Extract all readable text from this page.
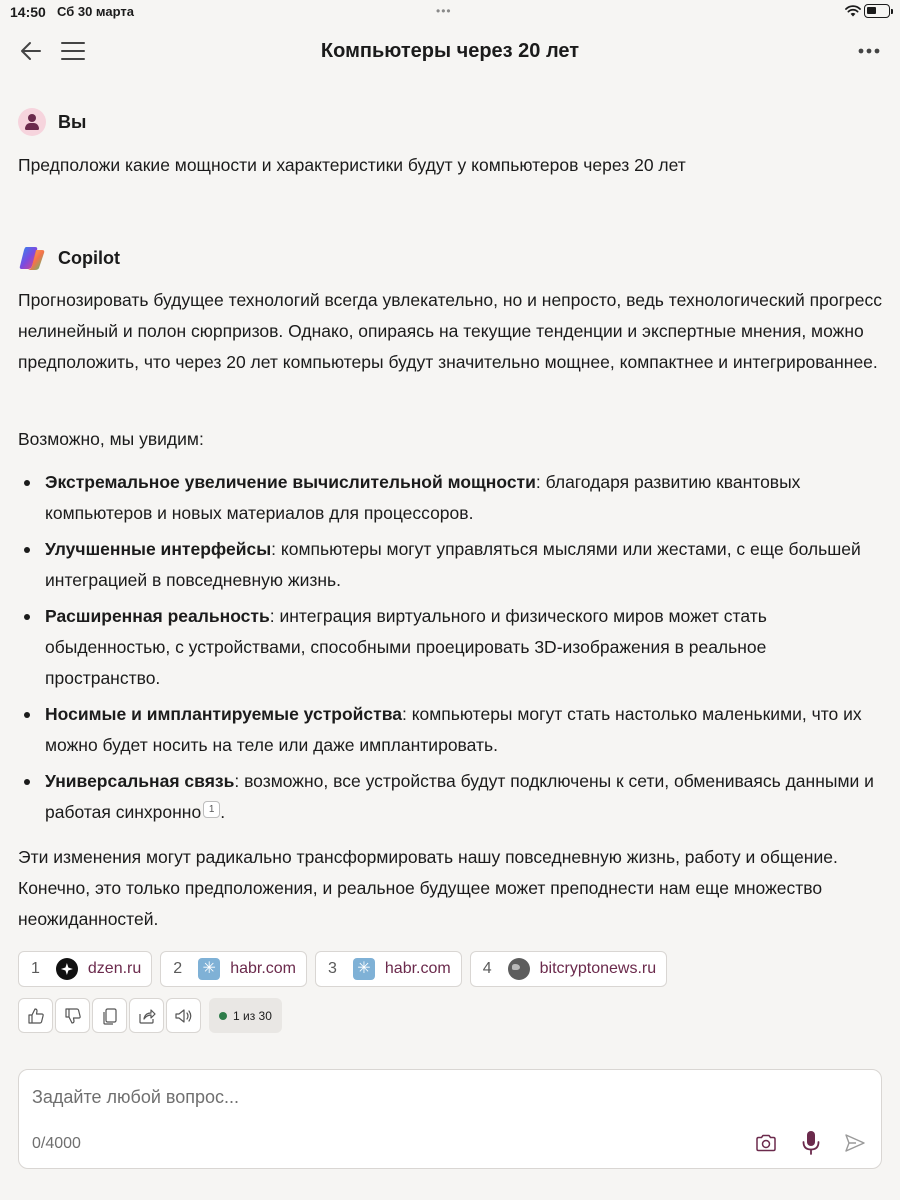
14:50 Сб 30 марта	•••
Компьютеры через 20 лет
Вы
Предположи какие мощности и характеристики будут у компьютеров через 20 лет
Copilot
Прогнозировать будущее технологий всегда увлекательно, но и непросто, ведь технологический прогресс нелинейный и полон сюрпризов. Однако, опираясь на текущие тенденции и экспертные мнения, можно предположить, что через 20 лет компьютеры будут значительно мощнее, компактнее и интегрированнее.
Возможно, мы увидим:
Экстремальное увеличение вычислительной мощности: благодаря развитию квантовых компьютеров и новых материалов для процессоров.
Улучшенные интерфейсы: компьютеры могут управляться мыслями или жестами, с еще большей интеграцией в повседневную жизнь.
Расширенная реальность: интеграция виртуального и физического миров может стать обыденностью, с устройствами, способными проецировать 3D-изображения в реальное пространство.
Носимые и имплантируемые устройства: компьютеры могут стать настолько маленькими, что их можно будет носить на теле или даже имплантировать.
Универсальная связь: возможно, все устройства будут подключены к сети, обмениваясь данными и работая синхронно 1 .
Эти изменения могут радикально трансформировать нашу повседневную жизнь, работу и общение. Конечно, это только предположения, и реальное будущее может преподнести нам еще множество неожиданностей.
1	dzen.ru 2 ✳	habr.com 3 ✳	habr.com 4	bitcryptonews.ru
1 из 30
Задайте любой вопрос...
0/4000
